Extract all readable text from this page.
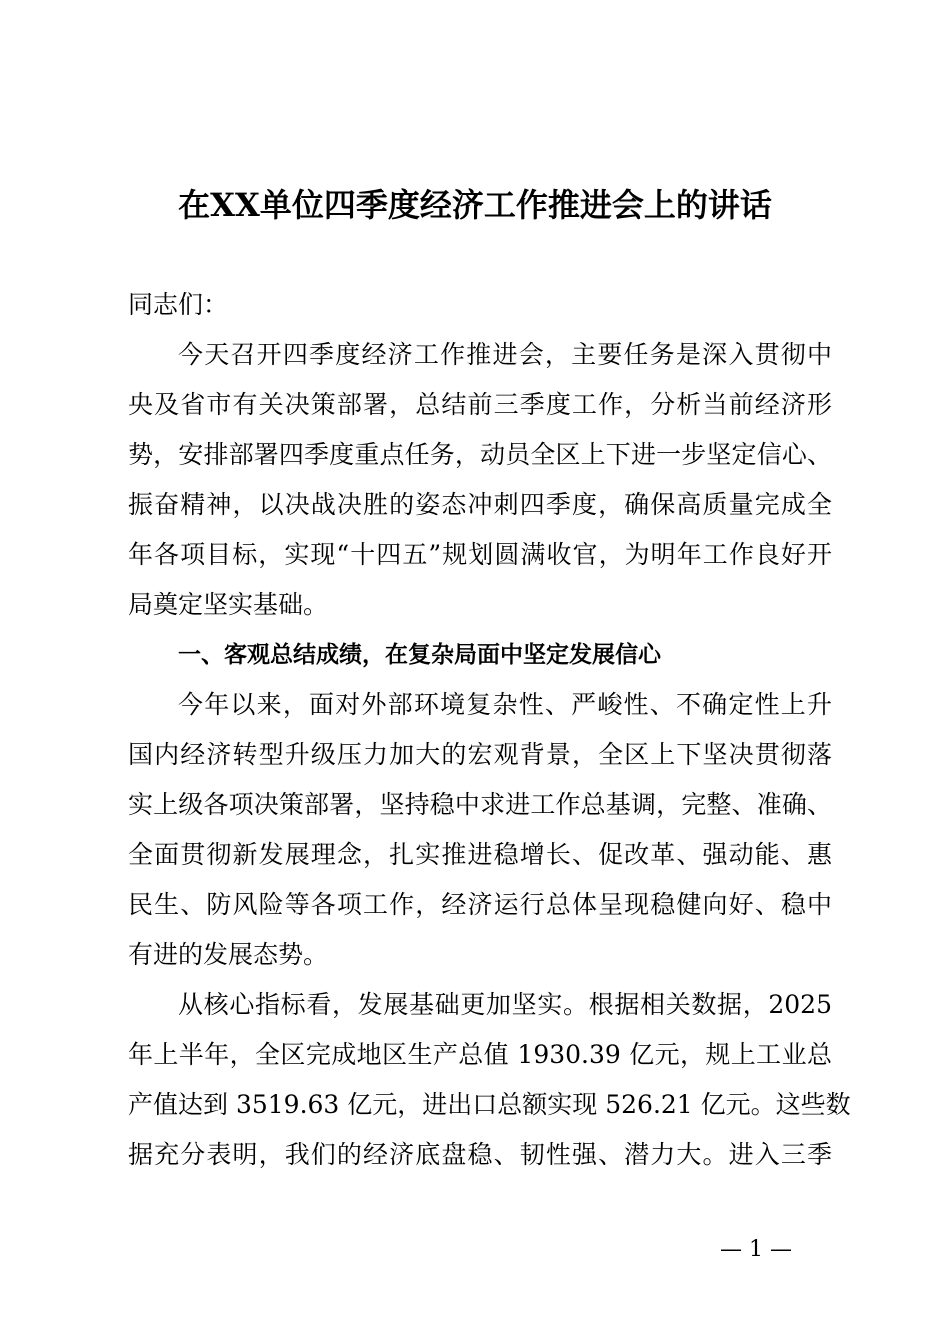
在XX单位四季度经济工作推进会上的讲话
同志们：
今天召开四季度经济工作推进会，主要任务是深入贯彻中
央及省市有关决策部署，总结前三季度工作，分析当前经济形
势，安排部署四季度重点任务，动员全区上下进一步坚定信心、
振奋精神，以决战决胜的姿态冲刺四季度，确保高质量完成全
年各项目标，实现“十四五”规划圆满收官，为明年工作良好开
局奠定坚实基础。
一、客观总结成绩，在复杂局面中坚定发展信心
今年以来，面对外部环境复杂性、严峻性、不确定性上升
国内经济转型升级压力加大的宏观背景，全区上下坚决贯彻落
实上级各项决策部署，坚持稳中求进工作总基调，完整、准确、
全面贯彻新发展理念，扎实推进稳增长、促改革、强动能、惠
民生、防风险等各项工作，经济运行总体呈现稳健向好、稳中
有进的发展态势。
从核心指标看，发展基础更加坚实。根据相关数据，2025
年上半年，全区完成地区生产总值 1930.39 亿元，规上工业总
产值达到 3519.63 亿元，进出口总额实现 526.21 亿元。这些数
据充分表明，我们的经济底盘稳、韧性强、潜力大。进入三季
— 1 —
